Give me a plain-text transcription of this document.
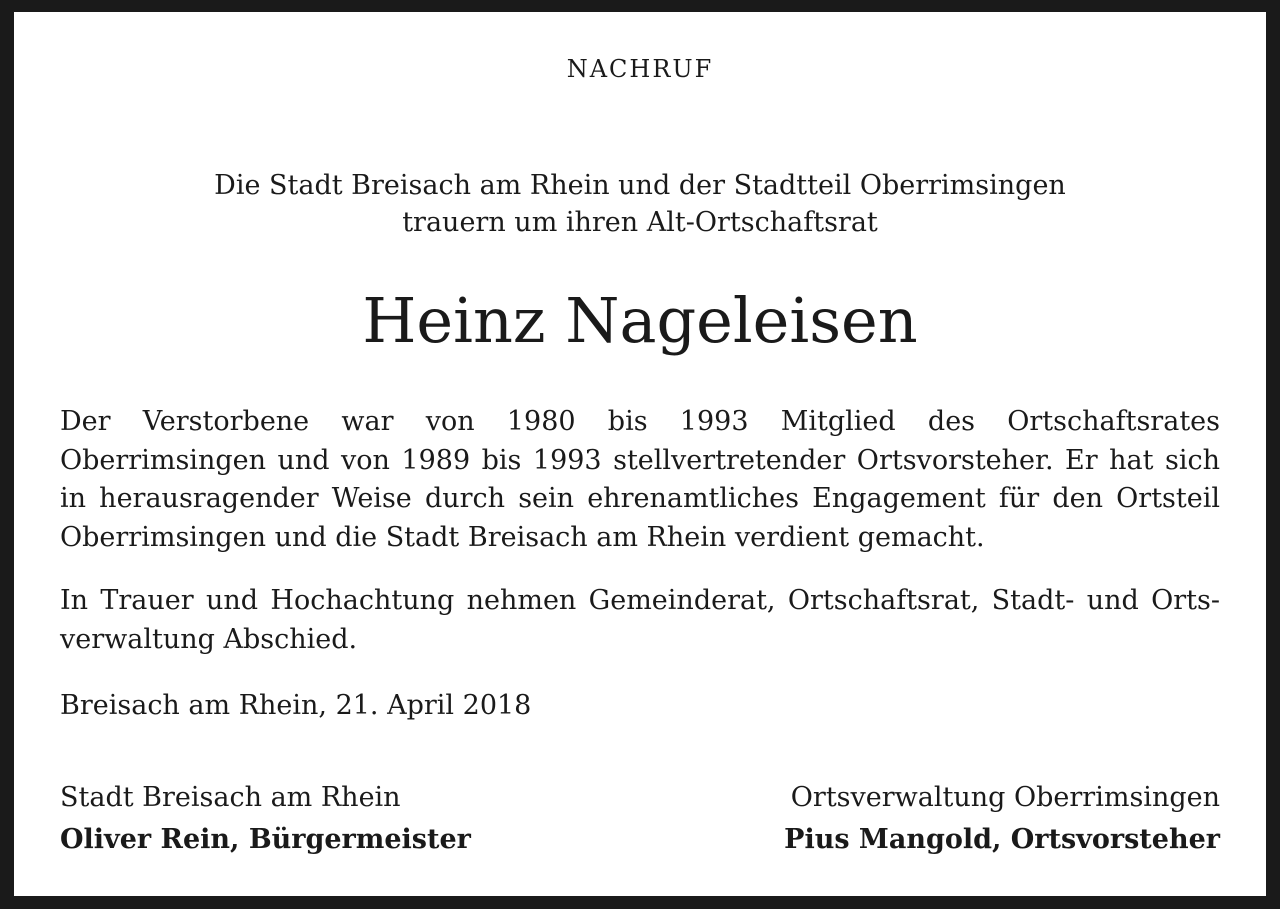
NACHRUF

Die Stadt Breisach am Rhein und der Stadtteil Oberrimsingen
trauern um ihren Alt-Ortschaftsrat

Heinz Nageleisen

Der Verstorbene war von 1980 bis 1993 Mitglied des Ortschaftsrates Oberrimsingen und von 1989 bis 1993 stellvertretender Ortsvorsteher. Er hat sich in herausragender Weise durch sein ehrenamtliches Engagement für den Ortsteil Oberrimsingen und die Stadt Breisach am Rhein verdient gemacht.

In Trauer und Hochachtung nehmen Gemeinderat, Ortschaftsrat, Stadt- und Ortsverwaltung Abschied.

Breisach am Rhein, 21. April 2018

Stadt Breisach am Rhein
Oliver Rein, Bürgermeister
Ortsverwaltung Oberrimsingen
Pius Mangold, Ortsvorsteher
